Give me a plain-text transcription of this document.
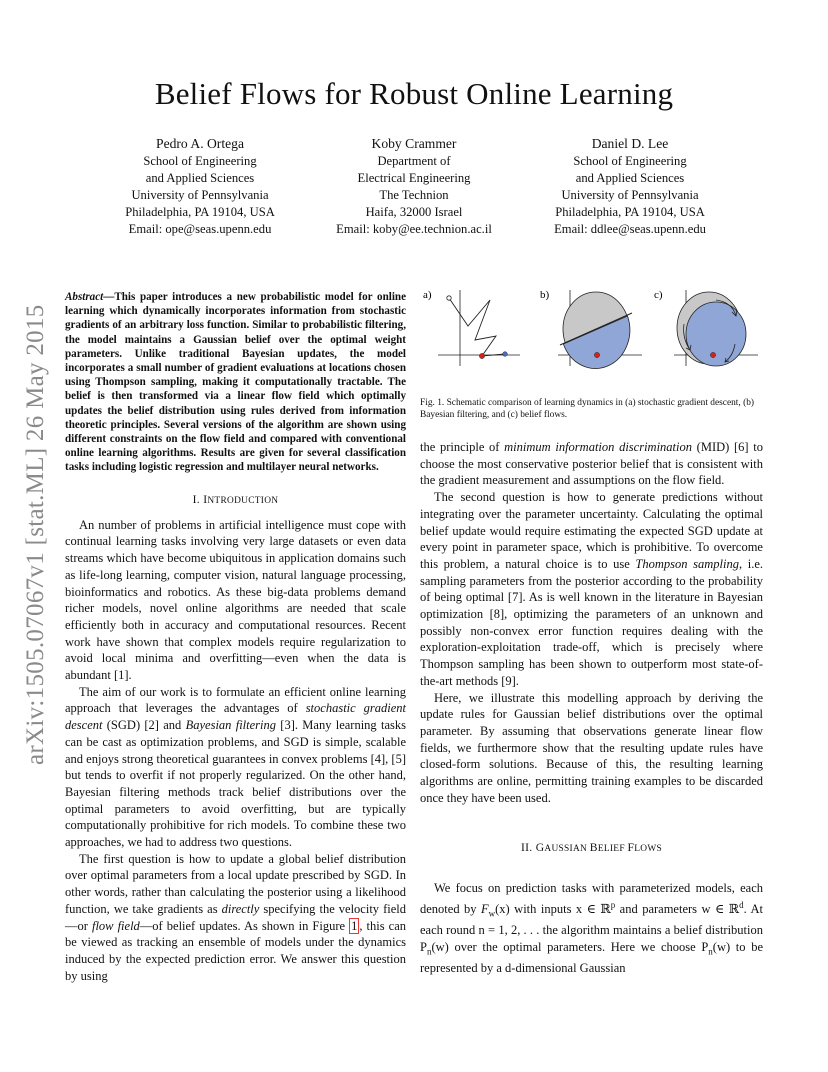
Belief Flows for Robust Online Learning
Pedro A. Ortega
School of Engineering
and Applied Sciences
University of Pennsylvania
Philadelphia, PA 19104, USA
Email: ope@seas.upenn.edu
Koby Crammer
Department of
Electrical Engineering
The Technion
Haifa, 32000 Israel
Email: koby@ee.technion.ac.il
Daniel D. Lee
School of Engineering
and Applied Sciences
University of Pennsylvania
Philadelphia, PA 19104, USA
Email: ddlee@seas.upenn.edu
arXiv:1505.07067v1 [stat.ML] 26 May 2015
Abstract—This paper introduces a new probabilistic model for online learning which dynamically incorporates information from stochastic gradients of an arbitrary loss function. Similar to probabilistic filtering, the model maintains a Gaussian belief over the optimal weight parameters. Unlike traditional Bayesian updates, the model incorporates a small number of gradient evaluations at locations chosen using Thompson sampling, making it computationally tractable. The belief is then transformed via a linear flow field which optimally updates the belief distribution using rules derived from information theoretic principles. Several versions of the algorithm are shown using different constraints on the flow field and compared with conventional online learning algorithms. Results are given for several classification tasks including logistic regression and multilayer neural networks.
I. INTRODUCTION

An number of problems in artificial intelligence must cope with continual learning tasks involving very large datasets or even data streams which have become ubiquitous in application domains such as life-long learning, computer vision, natural language processing, bioinformatics and robotics. As these big-data problems demand richer models, novel online algorithms are needed that scale efficiently both in accuracy and computational resources. Recent work have shown that complex models require regularization to avoid local minima and overfitting—even when the data is abundant [1].

The aim of our work is to formulate an efficient online learning approach that leverages the advantages of stochastic gradient descent (SGD) [2] and Bayesian filtering [3]. Many learning tasks can be cast as optimization problems, and SGD is simple, scalable and enjoys strong theoretical guarantees in convex problems [4], [5] but tends to overfit if not properly regularized. On the other hand, Bayesian filtering methods track belief distributions over the optimal parameters to avoid overfitting, but are typically computationally prohibitive for rich models. To combine these two approaches, we had to address two questions.

The first question is how to update a global belief distribution over optimal parameters from a local update prescribed by SGD. In other words, rather than calculating the posterior using a likelihood function, we take gradients as directly specifying the velocity field—or flow field—of belief updates. As shown in Figure 1 , this can be viewed as tracking an ensemble of models under the dynamics induced by the expected prediction error. We answer this question by using

a)	b)	c)
Fig. 1. Schematic comparison of learning dynamics in (a) stochastic gradient descent, (b) Bayesian filtering, and (c) belief flows.

the principle of minimum information discrimination (MID) [6] to choose the most conservative posterior belief that is consistent with the gradient measurement and assumptions on the flow field.

The second question is how to generate predictions without integrating over the parameter uncertainty. Calculating the optimal belief update would require estimating the expected SGD update at every point in parameter space, which is prohibitive. To overcome this problem, a natural choice is to use Thompson sampling, i.e. sampling parameters from the posterior according to the probability of being optimal [7]. As is well known in the literature in Bayesian optimization [8], optimizing the parameters of an unknown and possibly non-convex error function requires dealing with the exploration-exploitation trade-off, which is precisely where Thompson sampling has been shown to outperform most state-of-the-art methods [9].

Here, we illustrate this modelling approach by deriving the update rules for Gaussian belief distributions over the optimal parameter. By assuming that observations generate linear flow fields, we furthermore show that the resulting update rules have closed-form solutions. Because of this, the resulting learning algorithms are online, permitting training examples to be discarded once they have been used.

II. GAUSSIAN BELIEF FLOWS

We focus on prediction tasks with parameterized models, each denoted by $F_w(x)$ with inputs x ∈ ℝ$^p$ and parameters w ∈ ℝ$^d$. At each round n = 1, 2, . . . the algorithm maintains a belief distribution $P_n(w)$ over the optimal parameters. Here we choose $P_n(w)$ to be represented by a d-dimensional Gaussian
